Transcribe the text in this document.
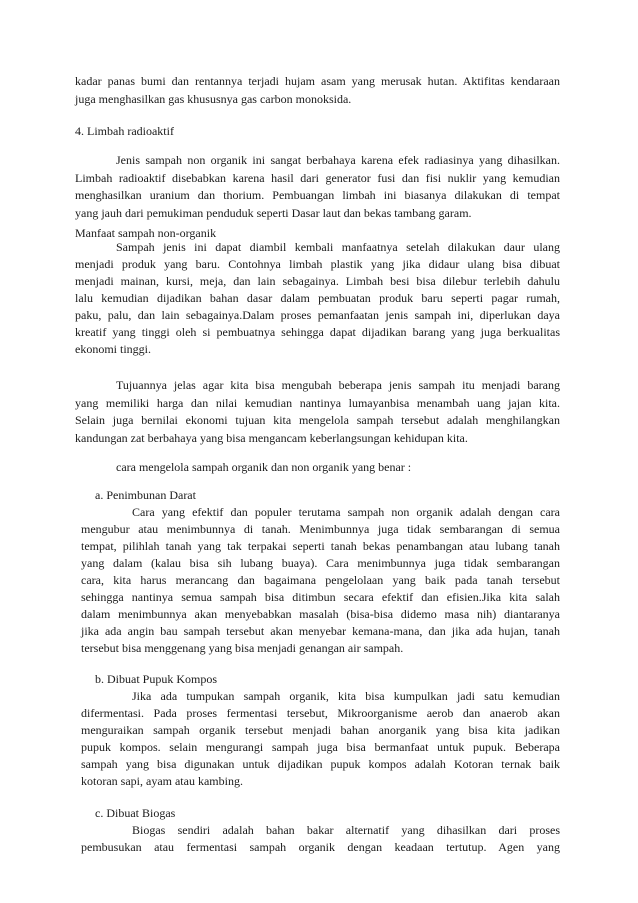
kadar panas bumi dan rentannya terjadi hujam asam yang merusak hutan. Aktifitas kendaraan
juga menghasilkan gas khususnya gas carbon monoksida.
4. Limbah radioaktif
Jenis sampah non organik ini sangat berbahaya karena efek radiasinya yang dihasilkan.
Limbah radioaktif disebabkan karena hasil dari generator fusi dan fisi nuklir yang kemudian
menghasilkan uranium dan thorium. Pembuangan limbah ini biasanya dilakukan di tempat
yang jauh dari pemukiman penduduk seperti Dasar laut dan bekas tambang garam.
Manfaat sampah non-organik
Sampah jenis ini dapat diambil kembali manfaatnya setelah dilakukan daur ulang
menjadi produk yang baru. Contohnya limbah plastik yang jika didaur ulang bisa dibuat
menjadi mainan, kursi, meja, dan lain sebagainya. Limbah besi bisa dilebur terlebih dahulu
lalu kemudian dijadikan bahan dasar dalam pembuatan produk baru seperti pagar rumah,
paku, palu, dan lain sebagainya.Dalam proses pemanfaatan jenis sampah ini, diperlukan daya
kreatif yang tinggi oleh si pembuatnya sehingga dapat dijadikan barang yang juga berkualitas
ekonomi tinggi.
Tujuannya jelas agar kita bisa mengubah beberapa jenis sampah itu menjadi barang
yang memiliki harga dan nilai kemudian nantinya lumayanbisa menambah uang jajan kita.
Selain juga bernilai ekonomi tujuan kita mengelola sampah tersebut adalah menghilangkan
kandungan zat berbahaya yang bisa mengancam keberlangsungan kehidupan kita.
cara mengelola sampah organik dan non organik yang benar :
a. Penimbunan Darat
Cara yang efektif dan populer terutama sampah non organik adalah dengan cara
mengubur atau menimbunnya di tanah. Menimbunnya juga tidak sembarangan di semua
tempat, pilihlah tanah yang tak terpakai seperti tanah bekas penambangan atau lubang tanah
yang dalam (kalau bisa sih lubang buaya). Cara menimbunnya juga tidak sembarangan
cara, kita harus merancang dan bagaimana pengelolaan yang baik pada tanah tersebut
sehingga nantinya semua sampah bisa ditimbun secara efektif dan efisien.Jika kita salah
dalam menimbunnya akan menyebabkan masalah (bisa-bisa didemo masa nih) diantaranya
jika ada angin bau sampah tersebut akan menyebar kemana-mana, dan jika ada hujan, tanah
tersebut bisa menggenang yang bisa menjadi genangan air sampah.
b. Dibuat Pupuk Kompos
Jika ada tumpukan sampah organik, kita bisa kumpulkan jadi satu kemudian
difermentasi. Pada proses fermentasi tersebut, Mikroorganisme aerob dan anaerob akan
menguraikan sampah organik tersebut menjadi bahan anorganik yang bisa kita jadikan
pupuk kompos. selain mengurangi sampah juga bisa bermanfaat untuk pupuk. Beberapa
sampah yang bisa digunakan untuk dijadikan pupuk kompos adalah Kotoran ternak baik
kotoran sapi, ayam atau kambing.
c. Dibuat Biogas
Biogas sendiri adalah bahan bakar alternatif yang dihasilkan dari proses
pembusukan atau fermentasi sampah organik dengan keadaan tertutup. Agen yang
